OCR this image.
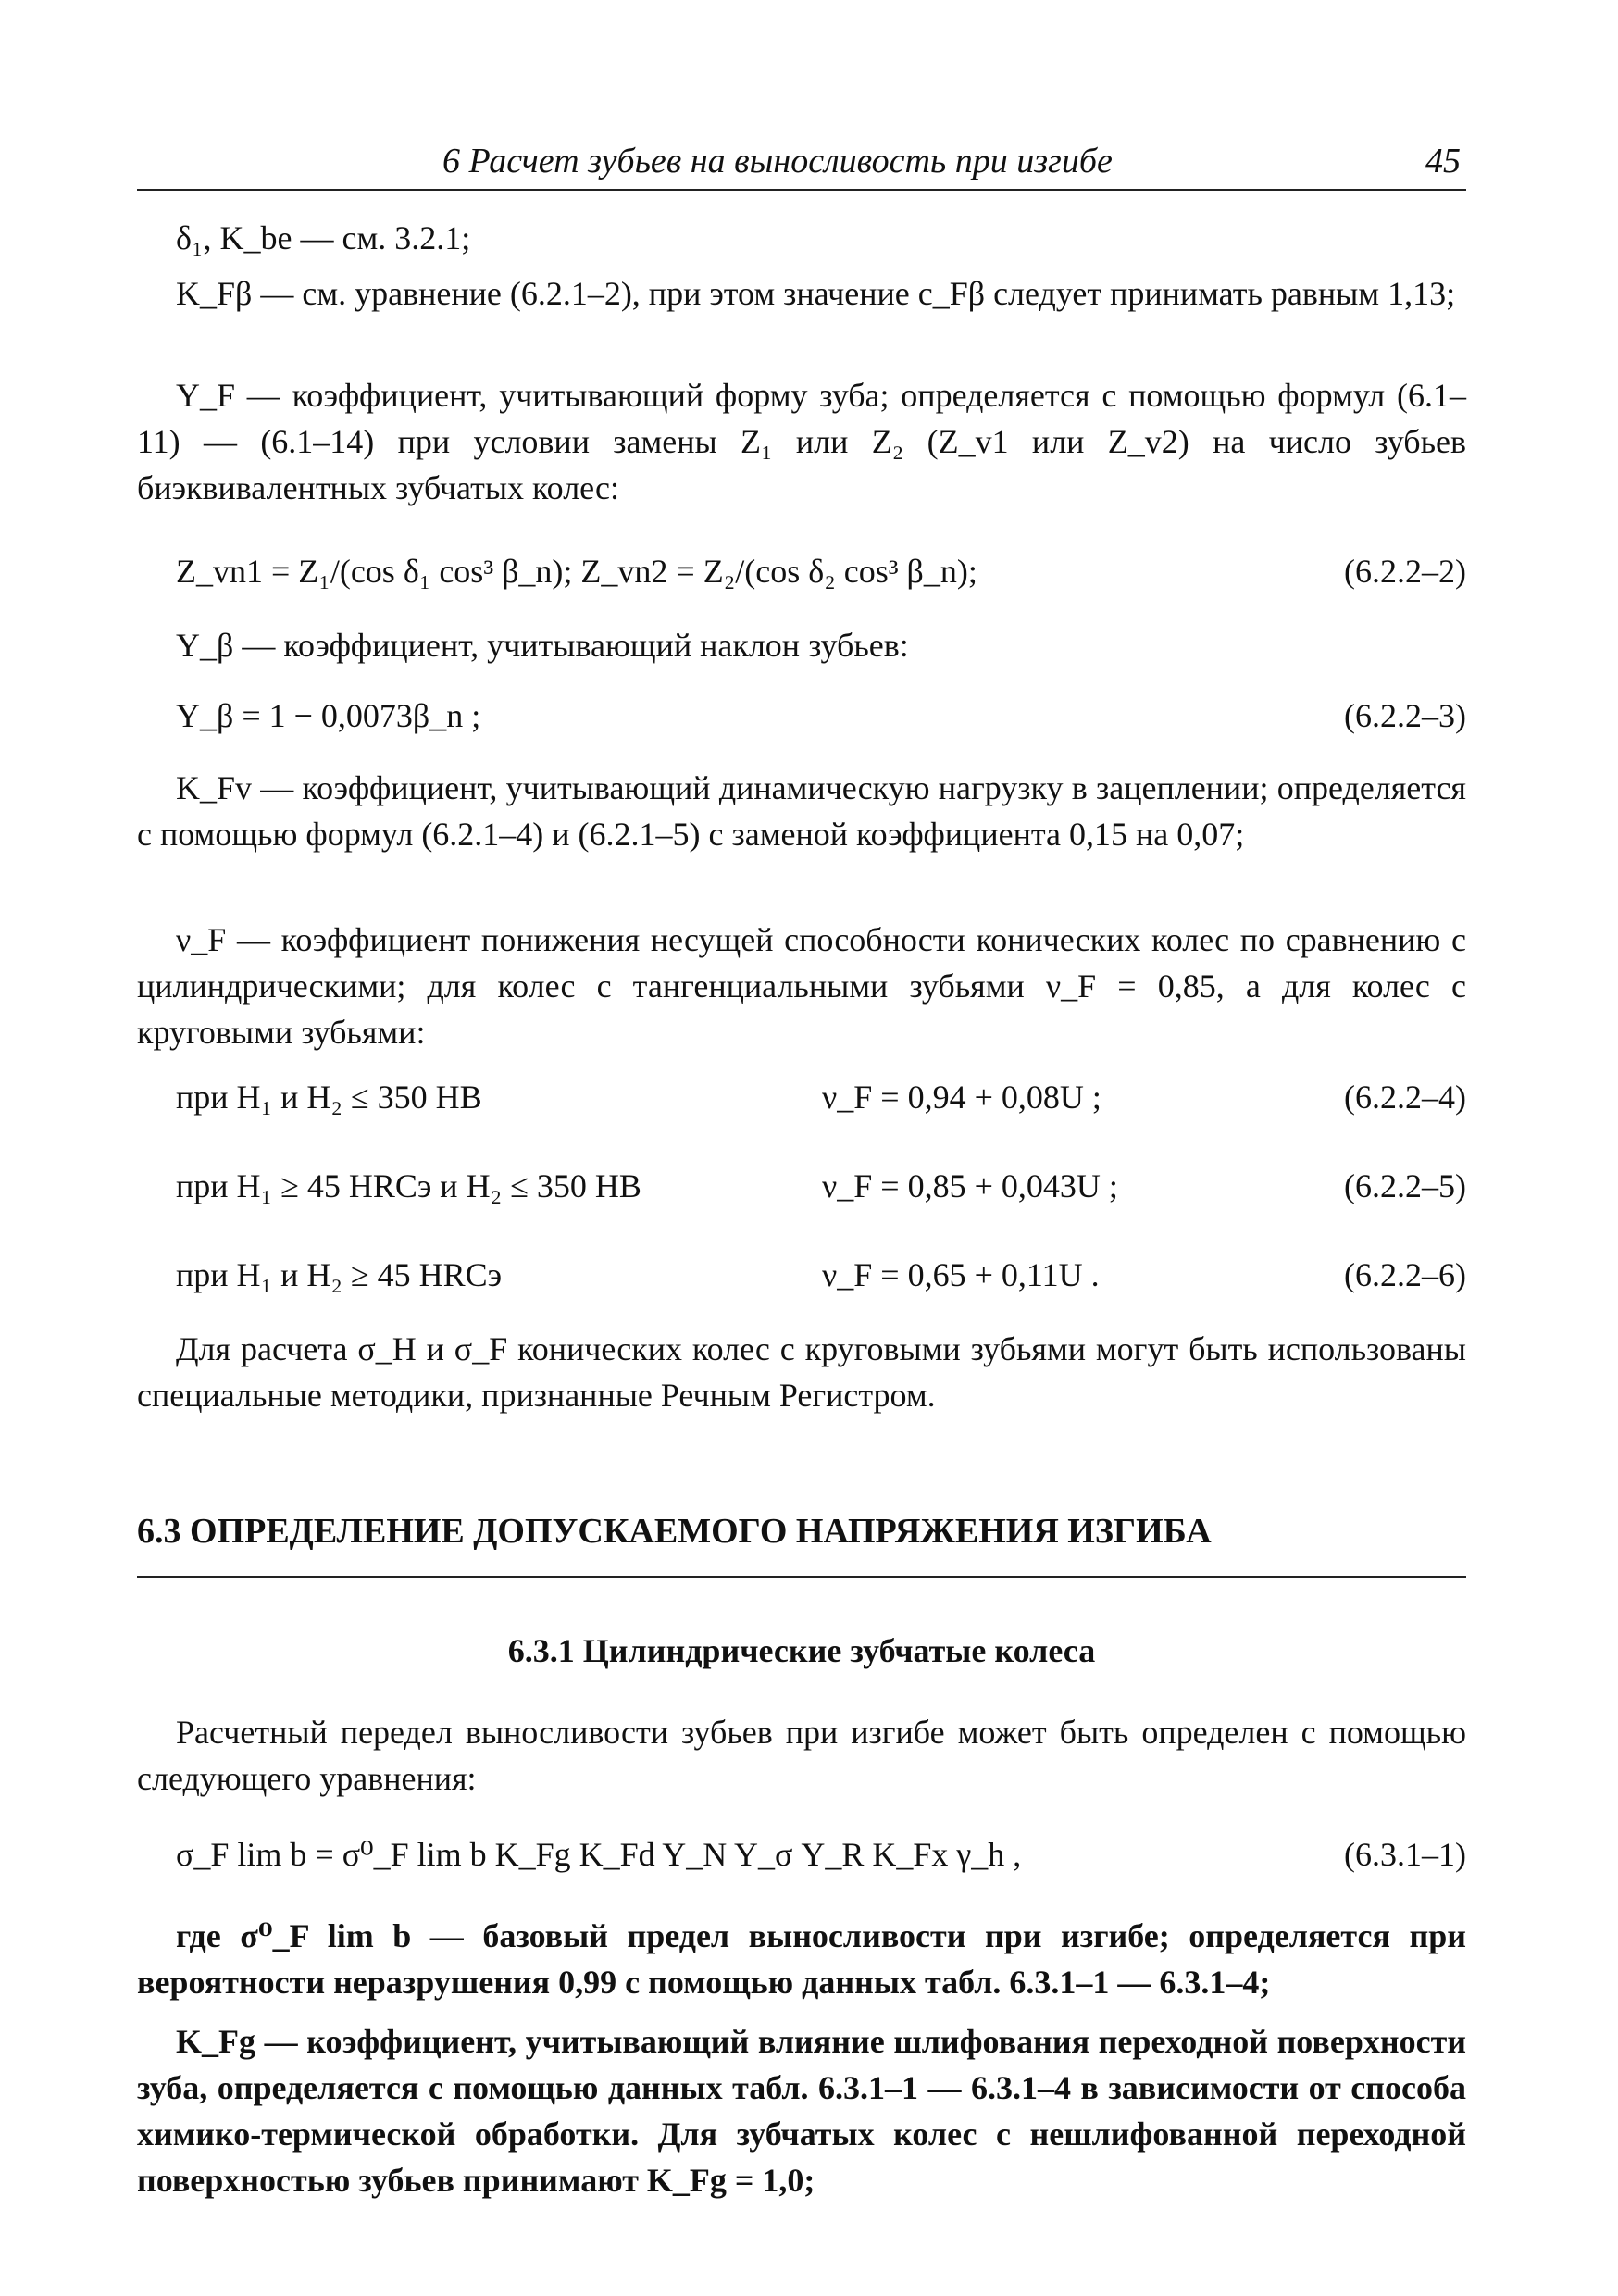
6 Расчет зубьев на выносливость при изгибе	45

δ₁, K_be — см. 3.2.1;

K_Fβ — см. уравнение (6.2.1–2), при этом значение c_Fβ следует принимать равным 1,13;

Y_F — коэффициент, учитывающий форму зуба; определяется с помощью формул (6.1–11) — (6.1–14) при условии замены Z₁ или Z₂ (Z_v1 или Z_v2) на число зубьев биэквивалентных зубчатых колес:

Z_vn1 = Z₁/(cos δ₁ cos³ β_n); Z_vn2 = Z₂/(cos δ₂ cos³ β_n);	(6.2.2–2)

Y_β — коэффициент, учитывающий наклон зубьев:

Y_β = 1 − 0,0073β_n ;	(6.2.2–3)

K_Fv — коэффициент, учитывающий динамическую нагрузку в зацеплении; определяется с помощью формул (6.2.1–4) и (6.2.1–5) с заменой коэффициента 0,15 на 0,07;

ν_F — коэффициент понижения несущей способности конических колес по сравнению с цилиндрическими; для колес с тангенциальными зубьями ν_F = 0,85, а для колес с круговыми зубьями:

при H₁ и H₂ ≤ 350 HB	ν_F = 0,94 + 0,08U ;	(6.2.2–4)
при H₁ ≥ 45 HRCэ и H₂ ≤ 350 HB	ν_F = 0,85 + 0,043U ;	(6.2.2–5)
при H₁ и H₂ ≥ 45 HRCэ	ν_F = 0,65 + 0,11U .	(6.2.2–6)

Для расчета σ_H и σ_F конических колес с круговыми зубьями могут быть использованы специальные методики, признанные Речным Регистром.

6.3 ОПРЕДЕЛЕНИЕ ДОПУСКАЕМОГО НАПРЯЖЕНИЯ ИЗГИБА
6.3.1 Цилиндрические зубчатые колеса

Расчетный передел выносливости зубьев при изгибе может быть определен с помощью следующего уравнения:

σ_F lim b = σ⁰_F lim b K_Fg K_Fd Y_N Y_σ Y_R K_Fx γ_h ,	(6.3.1–1)

где σ⁰_F lim b — базовый предел выносливости при изгибе; определяется при вероятности неразрушения 0,99 с помощью данных табл. 6.3.1–1 — 6.3.1–4;

K_Fg — коэффициент, учитывающий влияние шлифования переходной поверхности зуба, определяется с помощью данных табл. 6.3.1–1 — 6.3.1–4 в зависимости от способа химико-термической обработки. Для зубчатых колес с нешлифованной переходной поверхностью зубьев принимают K_Fg = 1,0;
